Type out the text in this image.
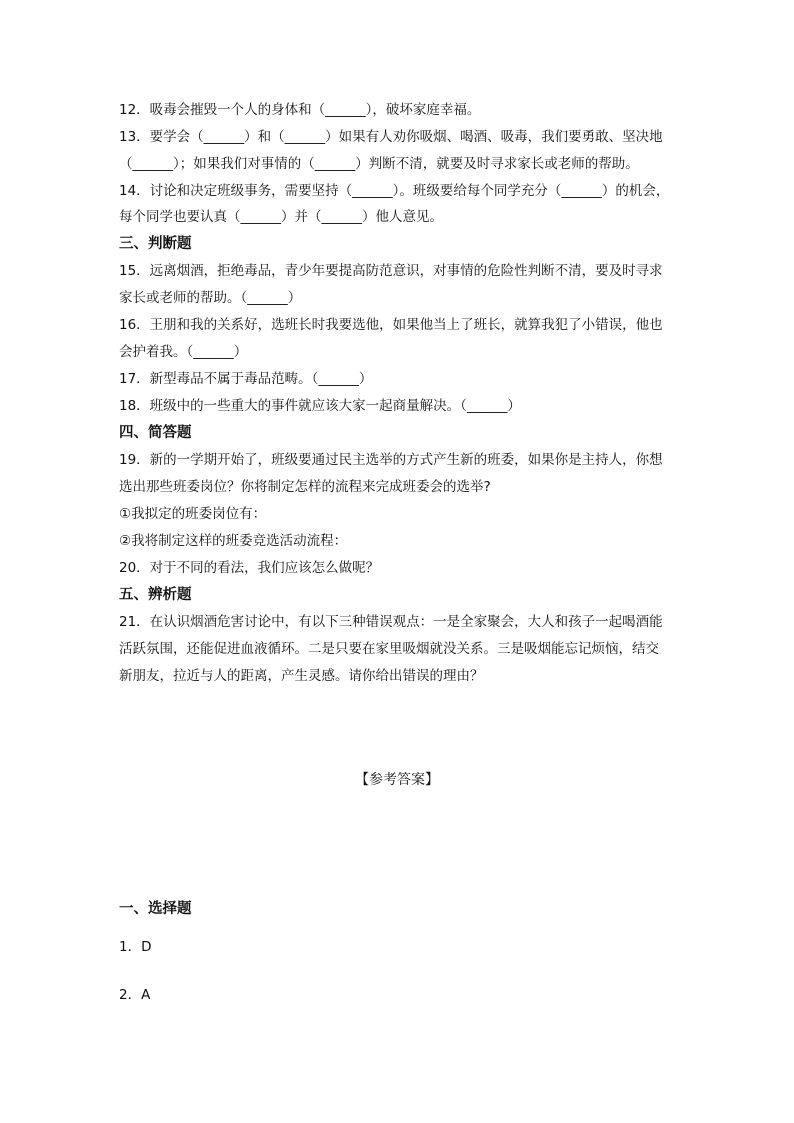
12．吸毒会摧毁一个人的身体和（______），破坏家庭幸福。
13．要学会（______）和（______）如果有人劝你吸烟、喝酒、吸毒，我们要勇敢、坚决地
（______）；如果我们对事情的（______）判断不清，就要及时寻求家长或老师的帮助。
14．讨论和决定班级事务，需要坚持（______）。班级要给每个同学充分（______）的机会，
每个同学也要认真（______）并（______）他人意见。
三、判断题
15．远离烟酒，拒绝毒品，青少年要提高防范意识，对事情的危险性判断不清，要及时寻求
家长或老师的帮助。（______）
16．王朋和我的关系好，选班长时我要选他，如果他当上了班长，就算我犯了小错误，他也
会护着我。（______）
17．新型毒品不属于毒品范畴。（______）
18．班级中的一些重大的事件就应该大家一起商量解决。（______）
四、简答题
19．新的一学期开始了，班级要通过民主选举的方式产生新的班委，如果你是主持人，你想
选出那些班委岗位？你将制定怎样的流程来完成班委会的选举?
①我拟定的班委岗位有：
②我将制定这样的班委竞选活动流程：
20．对于不同的看法，我们应该怎么做呢？
五、辨析题
21．在认识烟酒危害讨论中，有以下三种错误观点：一是全家聚会，大人和孩子一起喝酒能
活跃氛围，还能促进血液循环。二是只要在家里吸烟就没关系。三是吸烟能忘记烦恼，结交
新朋友，拉近与人的距离，产生灵感。请你给出错误的理由？
【参考答案】
一、选择题
1．D
2．A
